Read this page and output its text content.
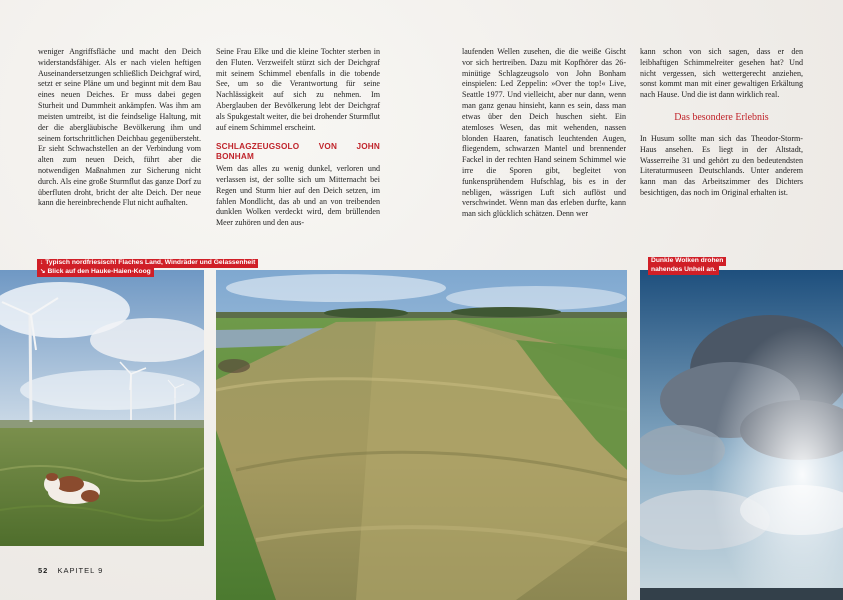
weniger Angriffsfläche und macht den Deich widerstandsfähiger. Als er nach vielen heftigen Auseinandersetzungen schließlich Deichgraf wird, setzt er seine Pläne um und beginnt mit dem Bau eines neuen Deiches. Er muss dabei gegen Sturheit und Dummheit ankämpfen. Was ihm am meisten umtreibt, ist die feindselige Haltung, mit der die abergläubische Bevölkerung ihm und seinem fortschrittlichen Deichbau gegenübersteht. Er sieht Schwachstellen an der Verbindung vom alten zum neuen Deich, führt aber die notwendigen Maßnahmen zur Sicherung nicht durch. Als eine große Sturmflut das ganze Dorf zu überfluten droht, bricht der alte Deich. Der neue kann die hereinbrechende Flut nicht aufhalten.

Seine Frau Elke und die kleine Tochter sterben in den Fluten. Verzweifelt stürzt sich der Deichgraf mit seinem Schimmel ebenfalls in die tobende See, um so die Verantwortung für seine Nachlässigkeit auf sich zu nehmen. Im Aberglauben der Bevölkerung lebt der Deichgraf als Spukgestalt weiter, die bei drohender Sturmflut auf einem Schimmel erscheint.

SCHLAGZEUGSOLO VON JOHN BONHAM

Wem das alles zu wenig dunkel, verloren und verlassen ist, der sollte sich um Mitternacht bei Regen und Sturm hier auf den Deich setzen, im fahlen Mondlicht, das ab und an von treibenden dunklen Wolken verdeckt wird, dem brüllenden Meer zuhören und den aus-

laufenden Wellen zusehen, die die weiße Gischt vor sich hertreiben. Dazu mit Kopfhörer das 26-minütige Schlagzeugsolo von John Bonham einspielen: Led Zeppelin: »Over the top!« Live, Seattle 1977. Und vielleicht, aber nur dann, wenn man ganz genau hinsieht, kann es sein, dass man etwas über den Deich huschen sieht. Ein atemloses Wesen, das mit wehenden, nassen blonden Haaren, fanatisch leuchtenden Augen, fliegendem, schwarzen Mantel und brennender Fackel in der rechten Hand seinem Schimmel wie irre die Sporen gibt, begleitet von funkensprühendem Hufschlag, bis es in der nebligen, wässrigen Luft sich auflöst und verschwindet. Wenn man das erleben durfte, kann man sich glücklich schätzen. Denn wer

kann schon von sich sagen, dass er den leibhaftigen Schimmelreiter gesehen hat? Und nicht vergessen, sich wettergerecht anziehen, sonst kommt man mit einer gewaltigen Erkältung nach Hause. Und die ist dann wirklich real.

Das besondere Erlebnis

In Husum sollte man sich das Theodor-Storm-Haus ansehen. Es liegt in der Altstadt, Wasserreihe 31 und gehört zu den bedeutendsten Literaturmuseen Deutschlands. Unter anderem kann man das Arbeitszimmer des Dichters besichtigen, das noch im Original erhalten ist.

↓ Typisch nordfriesisch! Flaches Land, Windräder und Gelassenheit
↘ Blick auf den Hauke-Haien-Koog
Dunkle Wolken drohen
nahendes Unheil an.
52 KAPITEL 9
